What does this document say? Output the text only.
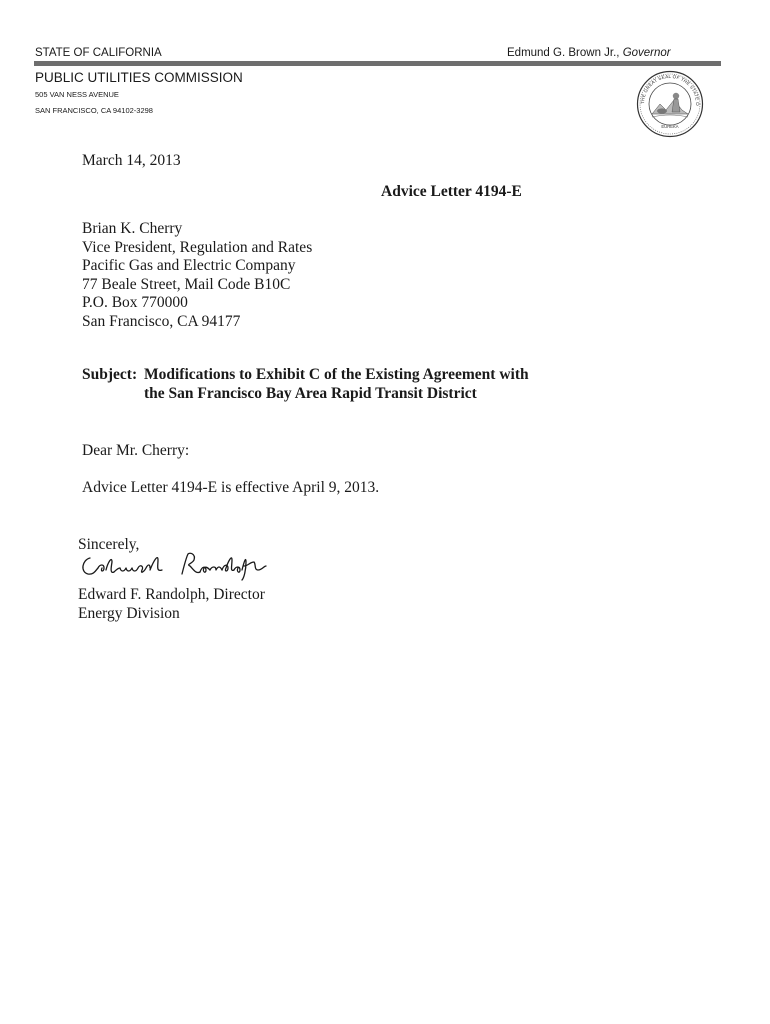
STATE OF CALIFORNIA	Edmund G. Brown Jr., Governor
PUBLIC UTILITIES COMMISSION
505 VAN NESS AVENUE
SAN FRANCISCO, CA 94102-3298
THE GREAT SEAL OF THE STATE O
EUREKA
March 14, 2013
Advice Letter 4194-E
Brian K. Cherry
Vice President, Regulation and Rates
Pacific Gas and Electric Company
77 Beale Street, Mail Code B10C
P.O. Box 770000
San Francisco, CA 94177
Subject: Modifications to Exhibit C of the Existing Agreement with
the San Francisco Bay Area Rapid Transit District
Dear Mr. Cherry:
Advice Letter 4194-E is effective April 9, 2013.
Sincerely,
Edward F. Randolph, Director
Energy Division
